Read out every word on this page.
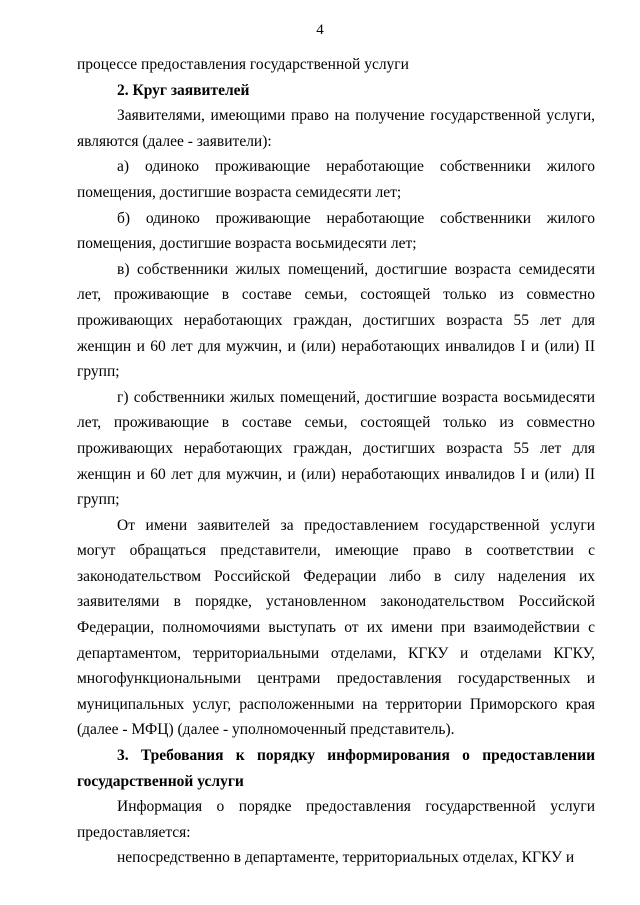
4

процессе предоставления государственной услуги

2. Круг заявителей

Заявителями, имеющими право на получение государственной услуги, являются (далее - заявители):

а) одиноко проживающие неработающие собственники жилого помещения, достигшие возраста семидесяти лет;

б) одиноко проживающие неработающие собственники жилого помещения, достигшие возраста восьмидесяти лет;

в) собственники жилых помещений, достигшие возраста семидесяти лет, проживающие в составе семьи, состоящей только из совместно проживающих неработающих граждан, достигших возраста 55 лет для женщин и 60 лет для мужчин, и (или) неработающих инвалидов I и (или) II групп;

г) собственники жилых помещений, достигшие возраста восьмидесяти лет, проживающие в составе семьи, состоящей только из совместно проживающих неработающих граждан, достигших возраста 55 лет для женщин и 60 лет для мужчин, и (или) неработающих инвалидов I и (или) II групп;

От имени заявителей за предоставлением государственной услуги могут обращаться представители, имеющие право в соответствии с законодательством Российской Федерации либо в силу наделения их заявителями в порядке, установленном законодательством Российской Федерации, полномочиями выступать от их имени при взаимодействии с департаментом, территориальными отделами, КГКУ и отделами КГКУ, многофункциональными центрами предоставления государственных и муниципальных услуг, расположенными на территории Приморского края (далее - МФЦ) (далее - уполномоченный представитель).

3. Требования к порядку информирования о предоставлении государственной услуги

Информация о порядке предоставления государственной услуги предоставляется:

непосредственно в департаменте, территориальных отделах, КГКУ и
